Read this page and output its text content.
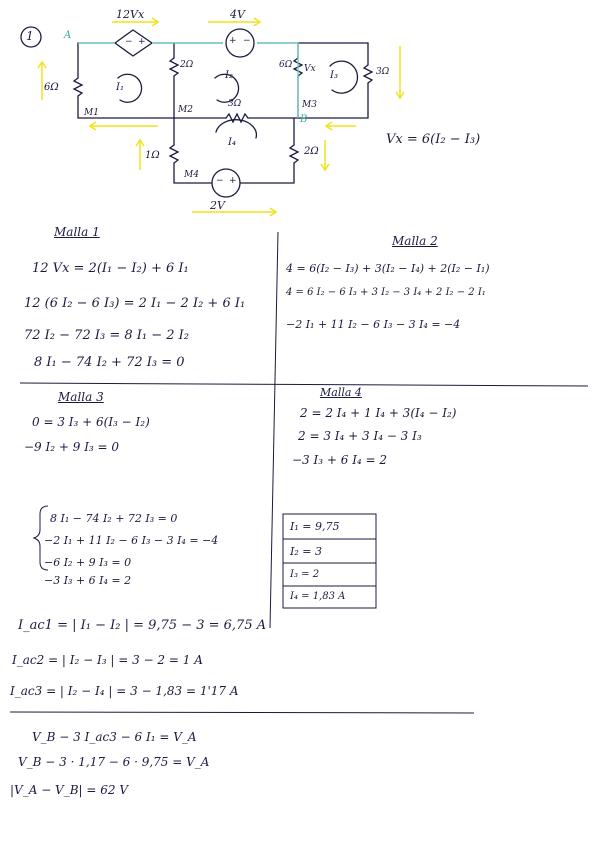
1	A
B
12Vx	4V
2V
6Ω
2Ω	6Ω
3Ω
3Ω
1Ω	2Ω
Vx
− +	+ −
− +
I₁
I₂	I₃
I₄
M1	M2	M3
M4
Vx = 6(I₂ − I₃)
Malla 1
12 Vx = 2(I₁ − I₂) + 6 I₁
12 (6 I₂ − 6 I₃) = 2 I₁ − 2 I₂ + 6 I₁
72 I₂ − 72 I₃ = 8 I₁ − 2 I₂
8 I₁ − 74 I₂ + 72 I₃ = 0
Malla 2
4 = 6(I₂ − I₃) + 3(I₂ − I₄) + 2(I₂ − I₁)
4 = 6 I₂ − 6 I₃ + 3 I₂ − 3 I₄ + 2 I₂ − 2 I₁
−2 I₁ + 11 I₂ − 6 I₃ − 3 I₄ = −4
Malla 3
0 = 3 I₃ + 6(I₃ − I₂)
−9 I₂ + 9 I₃ = 0
Malla 4
2 = 2 I₄ + 1 I₄ + 3(I₄ − I₂)
2 = 3 I₄ + 3 I₄ − 3 I₃
−3 I₃ + 6 I₄ = 2
8 I₁ − 74 I₂ + 72 I₃ = 0
−2 I₁ + 11 I₂ − 6 I₃ − 3 I₄ = −4
−6 I₂ + 9 I₃ = 0
−3 I₃ + 6 I₄ = 2
I₁ = 9,75
I₂ = 3
I₃ = 2
I₄ = 1,83 A
I_ac1 = | I₁ − I₂ | = 9,75 − 3 = 6,75 A
I_ac2 = | I₂ − I₃ | = 3 − 2 = 1 A
I_ac3 = | I₂ − I₄ | = 3 − 1,83 = 1'17 A
V_B − 3 I_ac3 − 6 I₁ = V_A
V_B − 3 · 1,17 − 6 · 9,75 = V_A
|V_A − V_B| = 62 V
